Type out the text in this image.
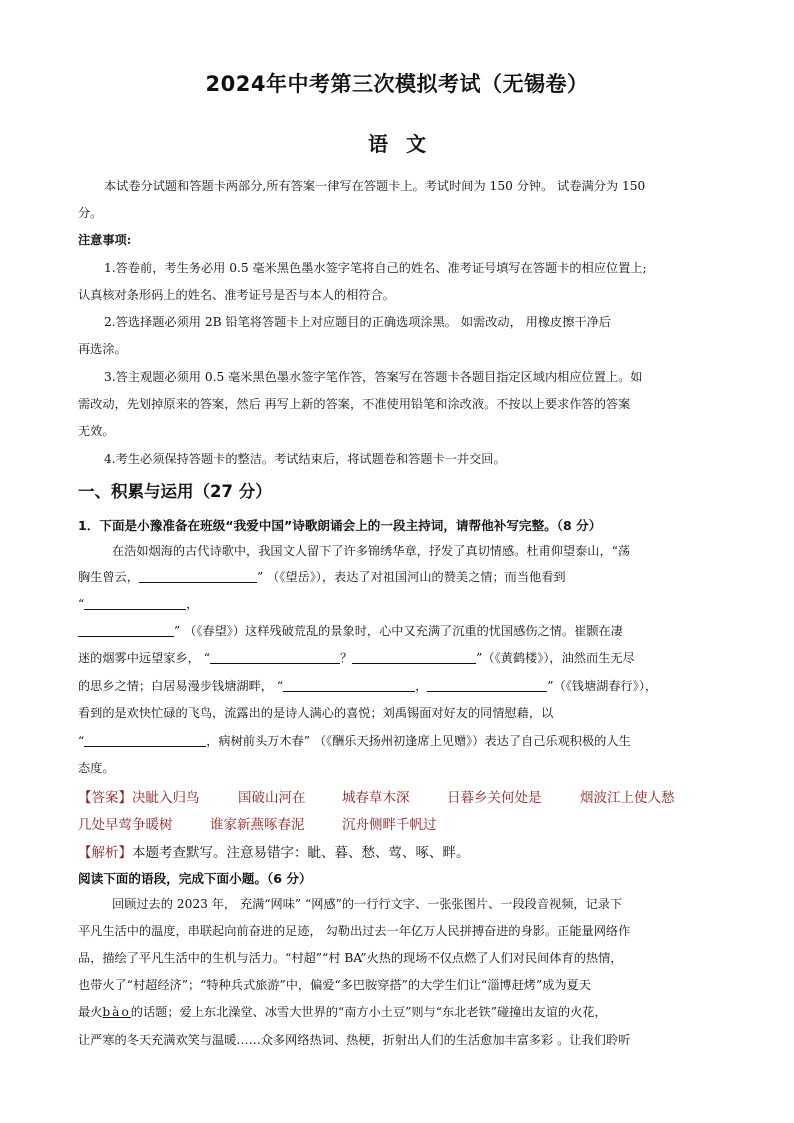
2024年中考第三次模拟考试（无锡卷）
语文
本试卷分试题和答题卡两部分,所有答案一律写在答题卡上。考试时间为 150 分钟。 试卷满分为 150
分。
注意事项:
1.答卷前，考生务必用 0.5 毫米黑色墨水签字笔将自己的姓名、准考证号填写在答题卡的相应位置上;
认真核对条形码上的姓名、准考证号是否与本人的相符合。
2.答选择题必须用 2B 铅笔将答题卡上对应题目的正确选项涂黑。 如需改动， 用橡皮擦干净后
再选涂。
3.答主观题必须用 0.5 毫米黑色墨水签字笔作答，答案写在答题卡各题目指定区域内相应位置上。如
需改动，先划掉原来的答案，然后 再写上新的答案，不准使用铅笔和涂改液。不按以上要求作答的答案
无效。
4.考生必须保持答题卡的整洁。考试结束后，将试题卷和答题卡一并交回。
一、积累与运用（27 分）
1．下面是小豫准备在班级“我爱中国”诗歌朗诵会上的一段主持词，请帮他补写完整。（8 分）
在浩如烟海的古代诗歌中，我国文人留下了许多锦绣华章，抒发了真切情感。杜甫仰望泰山，“荡
胸生曾云，	” （《望岳》），表达了对祖国河山的赞美之情；而当他看到
“	，
” （《春望》）这样残破荒乱的景象时，心中又充满了沉重的忧国感伤之情。崔颢在凄
迷的烟雾中远望家乡， “	？	”（《黄鹤楼》），油然而生无尽
的思乡之情；白居易漫步钱塘湖畔， “	，	”（《钱塘湖春行》），
看到的是欢快忙碌的飞鸟，流露出的是诗人满心的喜悦；刘禹锡面对好友的同情慰藉，以
“	，病树前头万木春” （《酬乐天扬州初逢席上见赠》）表达了自己乐观积极的人生
态度。
【答案】 决眦入归鸟	国破山河在	城春草木深	日暮乡关何处是	烟波江上使人愁
几处早莺争暖树	谁家新燕啄春泥	沉舟侧畔千帆过
【解析】本题考查默写。注意易错字：眦、暮、愁、莺、啄、畔。
阅读下面的语段，完成下面小题。（6 分）
回顾过去的 2023 年， 充满“网味” “网感”的一行行文字、一张张图片、一段段音视频，记录下
平凡生活中的温度，串联起向前奋进的足迹， 勾勒出过去一年亿万人民拼搏奋进的身影。正能量网络作
品，描绘了平凡生活中的生机与活力。“村超”“村 BA”火热的现场不仅点燃了人们对民间体育的热情，
也带火了“村超经济”；“特种兵式旅游”中，偏爱“多巴胺穿搭”的大学生们让“淄博赶烤”成为夏天
最火bào的话题；爱上东北澡堂、冰雪大世界的“南方小土豆”则与“东北老铁”碰撞出友谊的火花，
让严寒的冬天充满欢笑与温暖……众多网络热词、热梗，折射出人们的生活愈加丰富多彩 。让我们聆听
